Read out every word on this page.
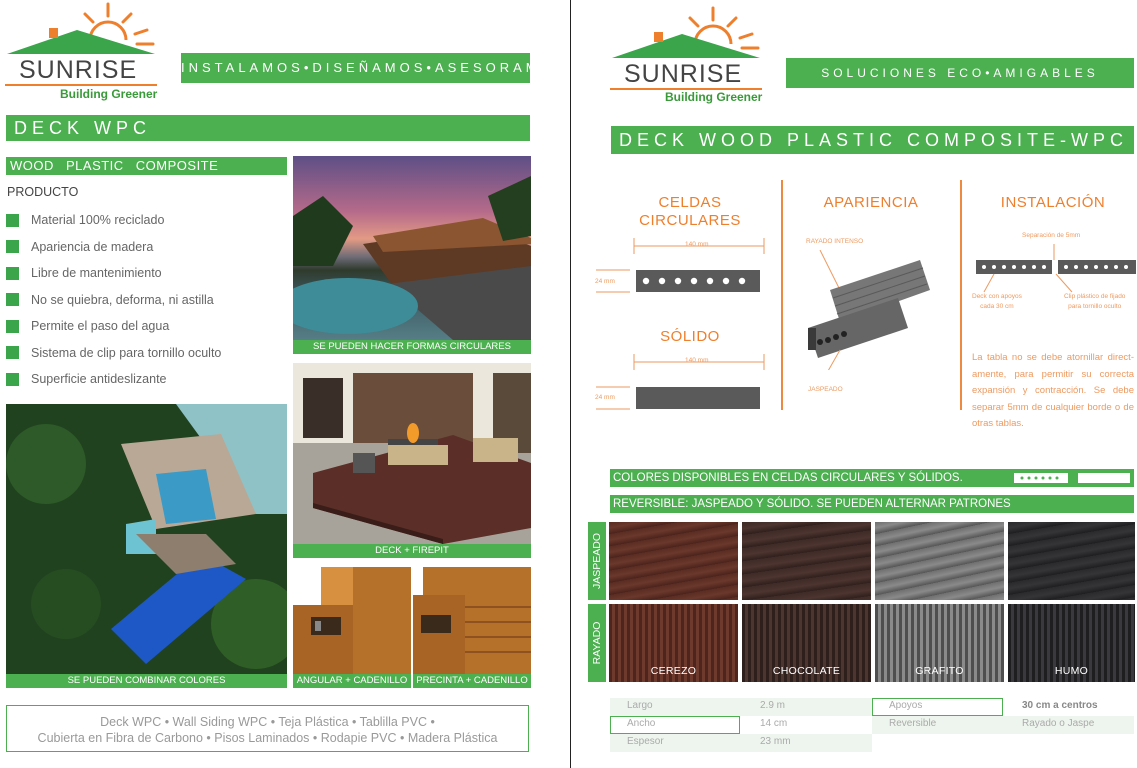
SUNRISE
Building Greener
INSTALAMOS•DISEÑAMOS•ASESORAMOS
DECK WPC
WOOD PLASTIC COMPOSITE
PRODUCTO
Material 100% reciclado
Apariencia de madera
Libre de mantenimiento
No se quiebra, deforma, ni astilla
Permite el paso del agua
Sistema de clip para tornillo oculto
Superficie antideslizante
SE PUEDEN HACER FORMAS CIRCULARES
DECK + FIREPIT
SE PUEDEN COMBINAR COLORES	ANGULAR + CADENILLO PRECINTA + CADENILLO
Deck WPC • Wall Siding WPC • Teja Plástica • Tablilla PVC •
Cubierta en Fibra de Carbono • Pisos Laminados • Rodapie PVC • Madera Plástica
SUNRISE
Building Greener
SOLUCIONES ECO•AMIGABLES
DECK WOOD PLASTIC COMPOSITE-WPC
CELDAS
CIRCULARES
140 mm
24 mm
SÓLIDO
140 mm
24 mm
APARIENCIA
RAYADO INTENSO
JASPEADO
INSTALACIÓN
Separación de 5mm
Deck con apoyos
cada 30 cm
Clip plástico de fijado
para tornillo oculto
La tabla no se debe atornillar direct-amente, para permitir su correcta expansión y contracción. Se debe separar 5mm de cualquier borde o de otras tablas.
COLORES DISPONIBLES EN CELDAS CIRCULARES Y SÓLIDOS.
REVERSIBLE: JASPEADO Y SÓLIDO. SE PUEDEN ALTERNAR PATRONES
JASPEADO
RAYADO
CEREZO	CHOCOLATE	GRAFITO	HUMO
Largo	2.9 m
Ancho	14 cm
Espesor	23 mm
Apoyos	30 cm a centros
Reversible	Rayado o Jaspe
